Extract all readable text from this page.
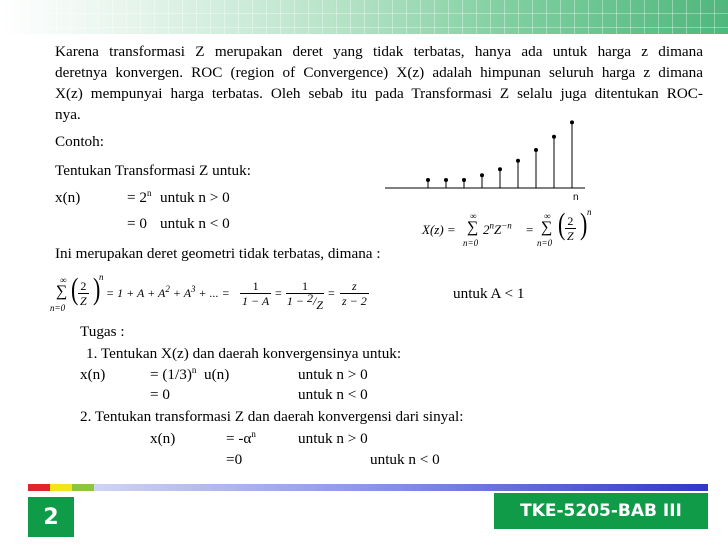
Karena transformasi Z merupakan deret yang tidak terbatas, hanya ada untuk harga z dimana
deretnya konvergen. ROC (region of Convergence) X(z) adalah himpunan seluruh harga z dimana
X(z) mempunyai harga terbatas. Oleh sebab itu pada Transformasi Z selalu juga ditentukan ROC-
nya.
Contoh:
Tentukan Transformasi Z untuk:
x(n)	= $2^n$ untuk n > 0
= 0 untuk n < 0
Ini merupakan deret geometri tidak terbatas, dimana :
n
X(z) =
∞
∑
n=0
$2^nZ^{-n}$ =
∞
∑
n=0
( $\frac{2}{Z}$ ) n
∞
∑
n=0
( $\frac{2}{Z}$ )
n
= $1 + A + A^2 + A^3$ + ... = $\frac{1}{1 - A}$ =	1
1 − 2/Z
= $\frac{z}{z - 2}$	untuk A < 1
Tugas :
1. Tentukan X(z) dan daerah konvergensinya untuk:
x(n)	= $(1/3)^n$ u(n)	untuk n > 0
= 0	untuk n < 0
2. Tentukan transformasi Z dan daerah konvergensi dari sinyal:
x(n)	= $-\alpha^n$	untuk n > 0
=0	untuk n < 0
2	TKE-5205-BAB III
